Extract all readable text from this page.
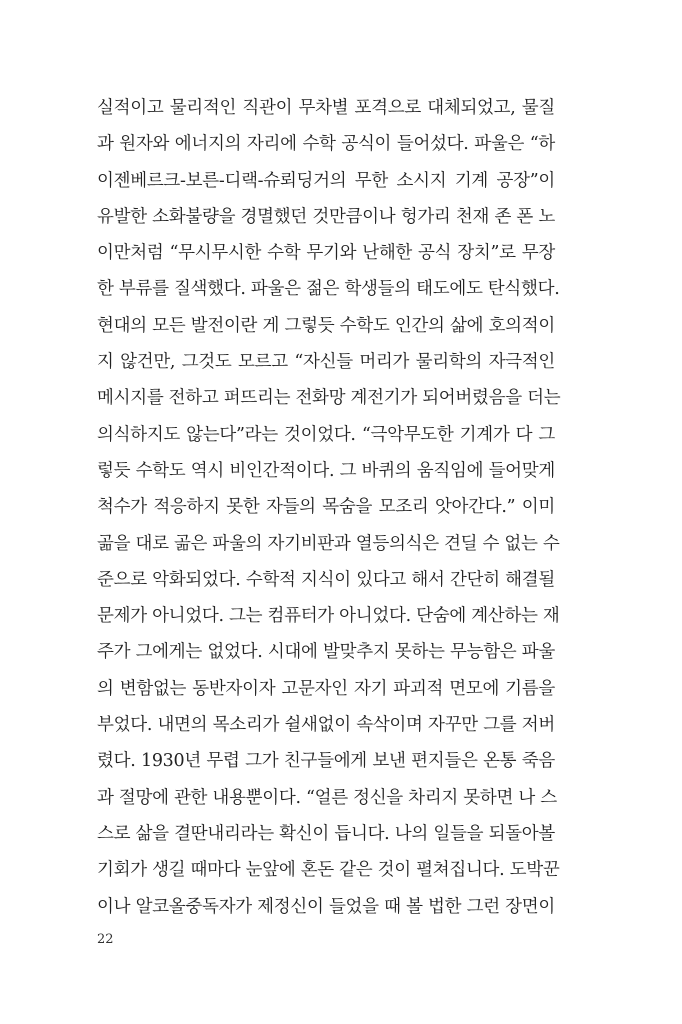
실적이고 물리적인 직관이 무차별 포격으로 대체되었고, 물질
과 원자와 에너지의 자리에 수학 공식이 들어섰다. 파울은 “하
이젠베르크-보른-디랙-슈뢰딩거의 무한 소시지 기계 공장”이
유발한 소화불량을 경멸했던 것만큼이나 헝가리 천재 존 폰 노
이만처럼 “무시무시한 수학 무기와 난해한 공식 장치”로 무장
한 부류를 질색했다. 파울은 젊은 학생들의 태도에도 탄식했다.
현대의 모든 발전이란 게 그렇듯 수학도 인간의 삶에 호의적이
지 않건만, 그것도 모르고 “자신들 머리가 물리학의 자극적인
메시지를 전하고 퍼뜨리는 전화망 계전기가 되어버렸음을 더는
의식하지도 않는다”라는 것이었다. “극악무도한 기계가 다 그
렇듯 수학도 역시 비인간적이다. 그 바퀴의 움직임에 들어맞게
척수가 적응하지 못한 자들의 목숨을 모조리 앗아간다.” 이미
곪을 대로 곪은 파울의 자기비판과 열등의식은 견딜 수 없는 수
준으로 악화되었다. 수학적 지식이 있다고 해서 간단히 해결될
문제가 아니었다. 그는 컴퓨터가 아니었다. 단숨에 계산하는 재
주가 그에게는 없었다. 시대에 발맞추지 못하는 무능함은 파울
의 변함없는 동반자이자 고문자인 자기 파괴적 면모에 기름을
부었다. 내면의 목소리가 쉴새없이 속삭이며 자꾸만 그를 저버
렸다. 1930년 무렵 그가 친구들에게 보낸 편지들은 온통 죽음
과 절망에 관한 내용뿐이다. “얼른 정신을 차리지 못하면 나 스
스로 삶을 결딴내리라는 확신이 듭니다. 나의 일들을 되돌아볼
기회가 생길 때마다 눈앞에 혼돈 같은 것이 펼쳐집니다. 도박꾼
이나 알코올중독자가 제정신이 들었을 때 볼 법한 그런 장면이
22
